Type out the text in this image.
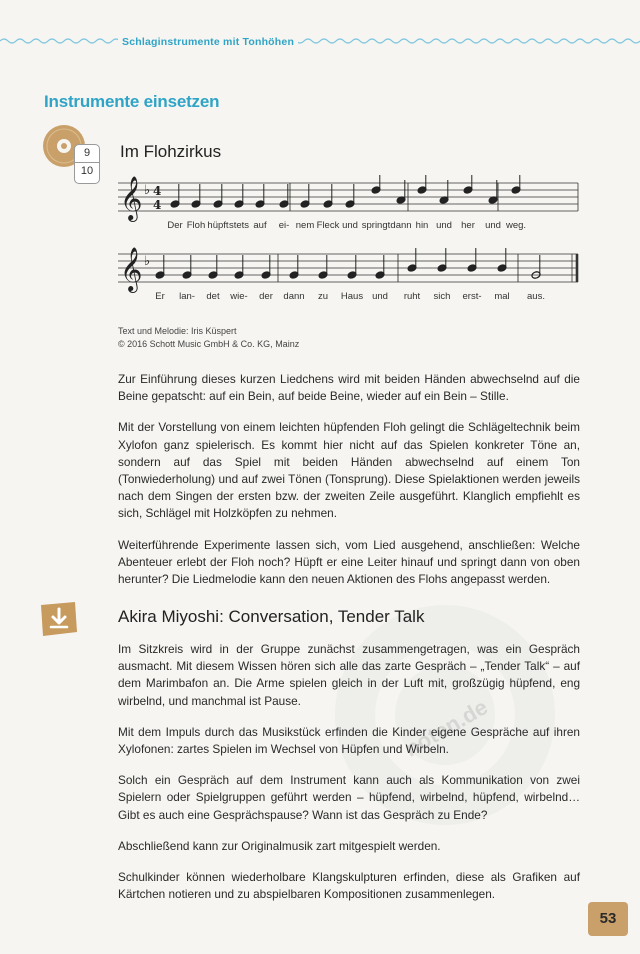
Schlaginstrumente mit Tonhöhen
Instrumente einsetzen
9
10
Im Flohzirkus
𝄞 ♭ 4
4
Der Floh hüpft stets auf ei- nem Fleck und springt dann hin und her und weg.
𝄞 ♭
Er lan- det wie- der dann zu Haus und ruht sich erst- mal aus.
Text und Melodie: Iris Küspert
© 2016 Schott Music GmbH & Co. KG, Mainz

Zur Einführung dieses kurzen Liedchens wird mit beiden Händen abwechselnd auf die Beine gepatscht: auf ein Bein, auf beide Beine, wieder auf ein Bein – Stille.

Mit der Vorstellung von einem leichten hüpfenden Floh gelingt die Schlägeltechnik beim Xylofon ganz spielerisch. Es kommt hier nicht auf das Spielen konkreter Töne an, sondern auf das Spiel mit beiden Händen abwechselnd auf einem Ton (Tonwiederholung) und auf zwei Tönen (Tonsprung). Diese Spielaktionen werden jeweils nach dem Singen der ersten bzw. der zweiten Zeile ausgeführt. Klanglich empfiehlt es sich, Schlägel mit Holzköpfen zu nehmen.

Weiterführende Experimente lassen sich, vom Lied ausgehend, anschließen: Welche Abenteuer erlebt der Floh noch? Hüpft er eine Leiter hinauf und springt dann von oben herunter? Die Liedmelodie kann den neuen Aktionen des Flohs angepasst werden.

noten.de
Akira Miyoshi: Conversation, Tender Talk

Im Sitzkreis wird in der Gruppe zunächst zusammengetragen, was ein Gespräch ausmacht. Mit diesem Wissen hören sich alle das zarte Gespräch – „Tender Talk“ – auf dem Marimbafon an. Die Arme spielen gleich in der Luft mit, großzügig hüpfend, eng wirbelnd, und manchmal ist Pause.

Mit dem Impuls durch das Musikstück erfinden die Kinder eigene Gespräche auf ihren Xylofonen: zartes Spielen im Wechsel von Hüpfen und Wirbeln.

Solch ein Gespräch auf dem Instrument kann auch als Kommunikation von zwei Spielern oder Spielgruppen geführt werden – hüpfend, wirbelnd, hüpfend, wirbelnd… Gibt es auch eine Gesprächspause? Wann ist das Gespräch zu Ende?

Abschließend kann zur Originalmusik zart mitgespielt werden.

Schulkinder können wiederholbare Klangskulpturen erfinden, diese als Grafiken auf Kärtchen notieren und zu abspielbaren Kompositionen zusammenlegen.

53
